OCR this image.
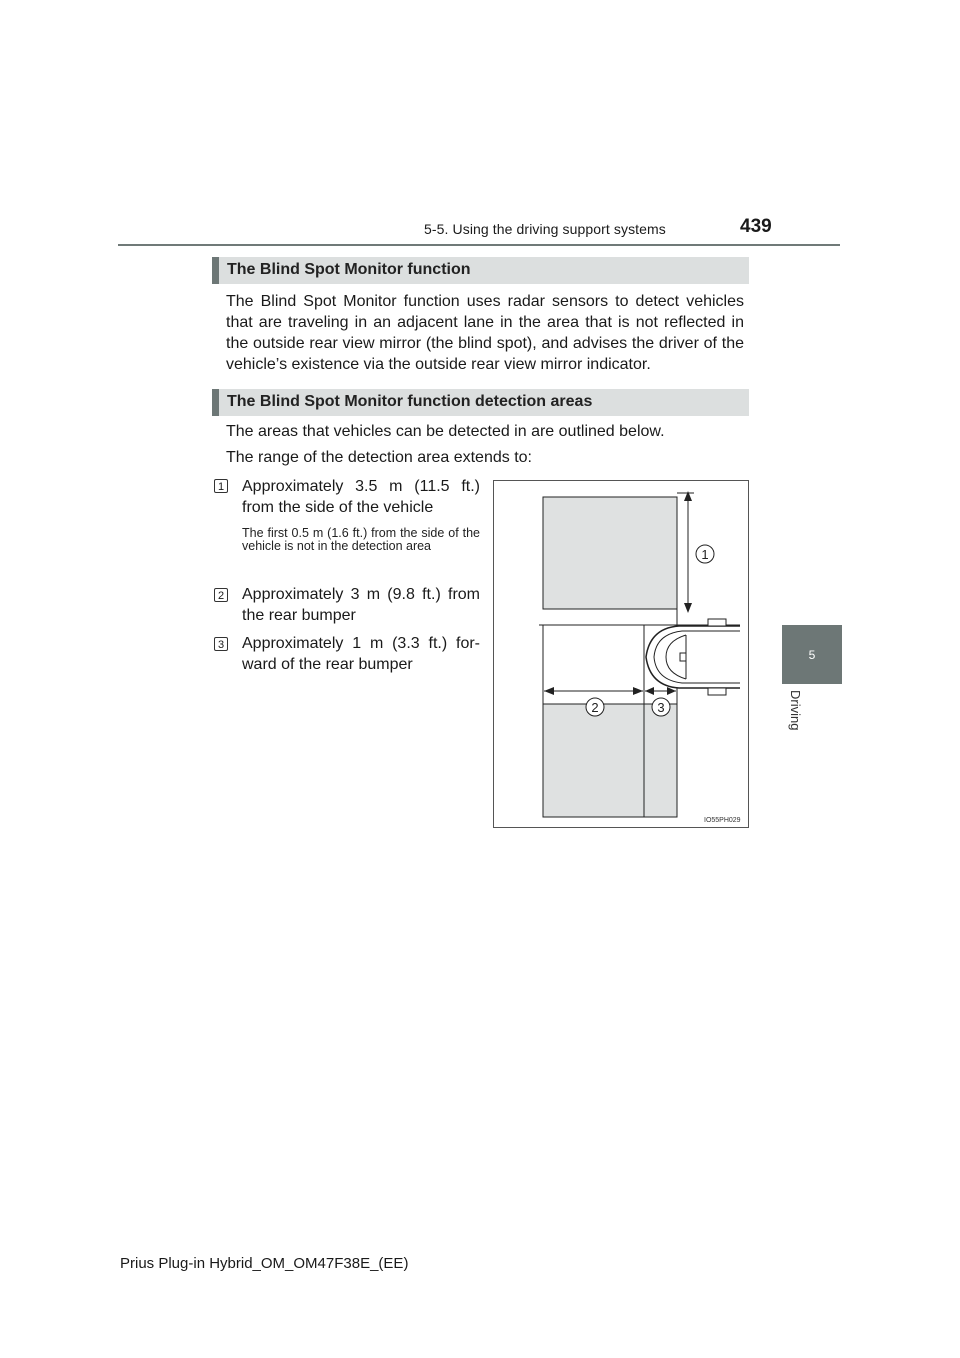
5-5. Using the driving support systems	439
5
Driving
The Blind Spot Monitor function
The Blind Spot Monitor function uses radar sensors to detect vehicles that are traveling in an adjacent lane in the area that is not reflected in the outside rear view mirror (the blind spot), and advises the driver of the vehicle’s existence via the outside rear view mirror indicator.
The Blind Spot Monitor function detection areas
The areas that vehicles can be detected in are outlined below.
The range of the detection area extends to:
1 Approximately 3.5 m (11.5 ft.) from the side of the vehicle
The first 0.5 m (1.6 ft.) from the side of the vehicle is not in the detection area
2 Approximately 3 m (9.8 ft.) from the rear bumper
3 Approximately 1 m (3.3 ft.) for-ward of the rear bumper
1
2	3
IO55PH029
Prius Plug-in Hybrid_OM_OM47F38E_(EE)
